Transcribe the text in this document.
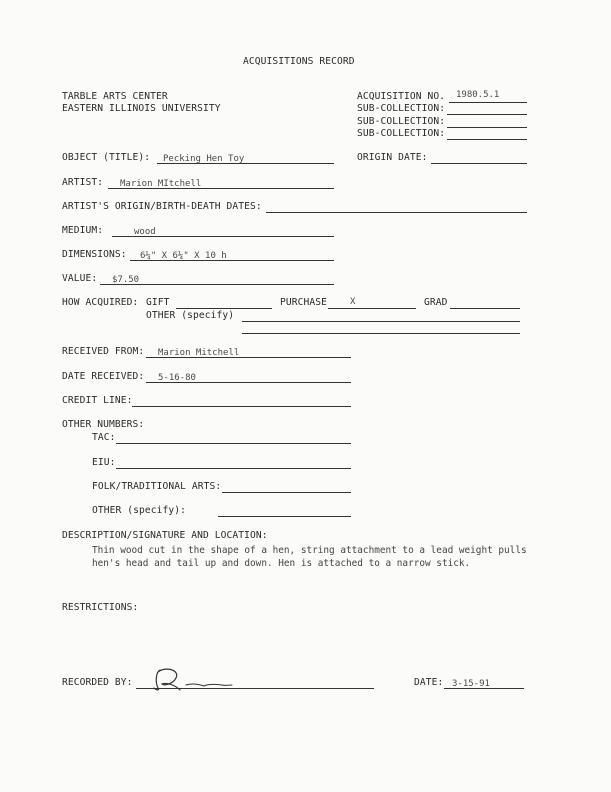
ACQUISITIONS RECORD
TARBLE ARTS CENTER
EASTERN ILLINOIS UNIVERSITY
ACQUISITION NO. 1980.5.1
SUB-COLLECTION:
SUB-COLLECTION:
SUB-COLLECTION:
OBJECT (TITLE): Pecking Hen Toy	ORIGIN DATE:
ARTIST: Marion MItchell
ARTIST'S ORIGIN/BIRTH-DEATH DATES:
MEDIUM:	wood
DIMENSIONS: 6¼" X 6¼" X 10 h
VALUE: $7.50
HOW ACQUIRED: GIFT	PURCHASE	X	GRAD
OTHER (specify)
RECEIVED FROM: Marion Mitchell
DATE RECEIVED: 5-16-80
CREDIT LINE:
OTHER NUMBERS:
TAC:
EIU:
FOLK/TRADITIONAL ARTS:
OTHER (specify):
DESCRIPTION/SIGNATURE AND LOCATION:
Thin wood cut in the shape of a hen, string attachment to a lead weight pulls
hen's head and tail up and down. Hen is attached to a narrow stick.
RESTRICTIONS:
RECORDED BY:	DATE: 3-15-91
